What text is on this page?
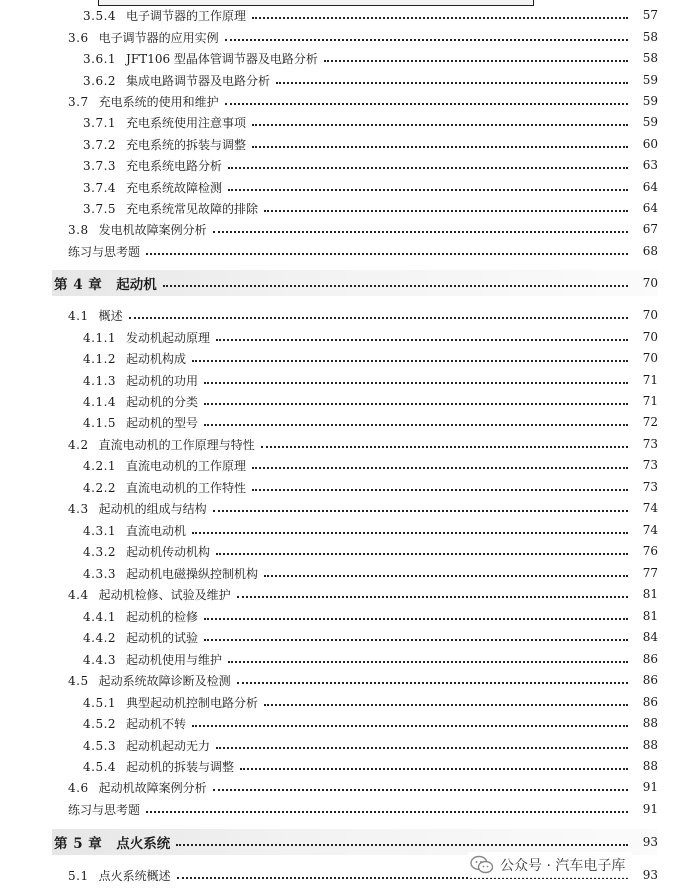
3.5.4 电子调节器的工作原理	57
3.6 电子调节器的应用实例	58
3.6.1 JFT106 型晶体管调节器及电路分析	58
3.6.2 集成电路调节器及电路分析	59
3.7 充电系统的使用和维护	59
3.7.1 充电系统使用注意事项	59
3.7.2 充电系统的拆装与调整	60
3.7.3 充电系统电路分析	63
3.7.4 充电系统故障检测	64
3.7.5 充电系统常见故障的排除	64
3.8 发电机故障案例分析	67
练习与思考题	68
第 4 章 起动机	70
4.1 概述	70
4.1.1 发动机起动原理	70
4.1.2 起动机构成	70
4.1.3 起动机的功用	71
4.1.4 起动机的分类	71
4.1.5 起动机的型号	72
4.2 直流电动机的工作原理与特性	73
4.2.1 直流电动机的工作原理	73
4.2.2 直流电动机的工作特性	73
4.3 起动机的组成与结构	74
4.3.1 直流电动机	74
4.3.2 起动机传动机构	76
4.3.3 起动机电磁操纵控制机构	77
4.4 起动机检修、试验及维护	81
4.4.1 起动机的检修	81
4.4.2 起动机的试验	84
4.4.3 起动机使用与维护	86
4.5 起动系统故障诊断及检测	86
4.5.1 典型起动机控制电路分析	86
4.5.2 起动机不转	88
4.5.3 起动机起动无力	88
4.5.4 起动机的拆装与调整	88
4.6 起动机故障案例分析	91
练习与思考题	91
第 5 章 点火系统	93
5.1 点火系统概述	93
公众号 · 汽车电子库
